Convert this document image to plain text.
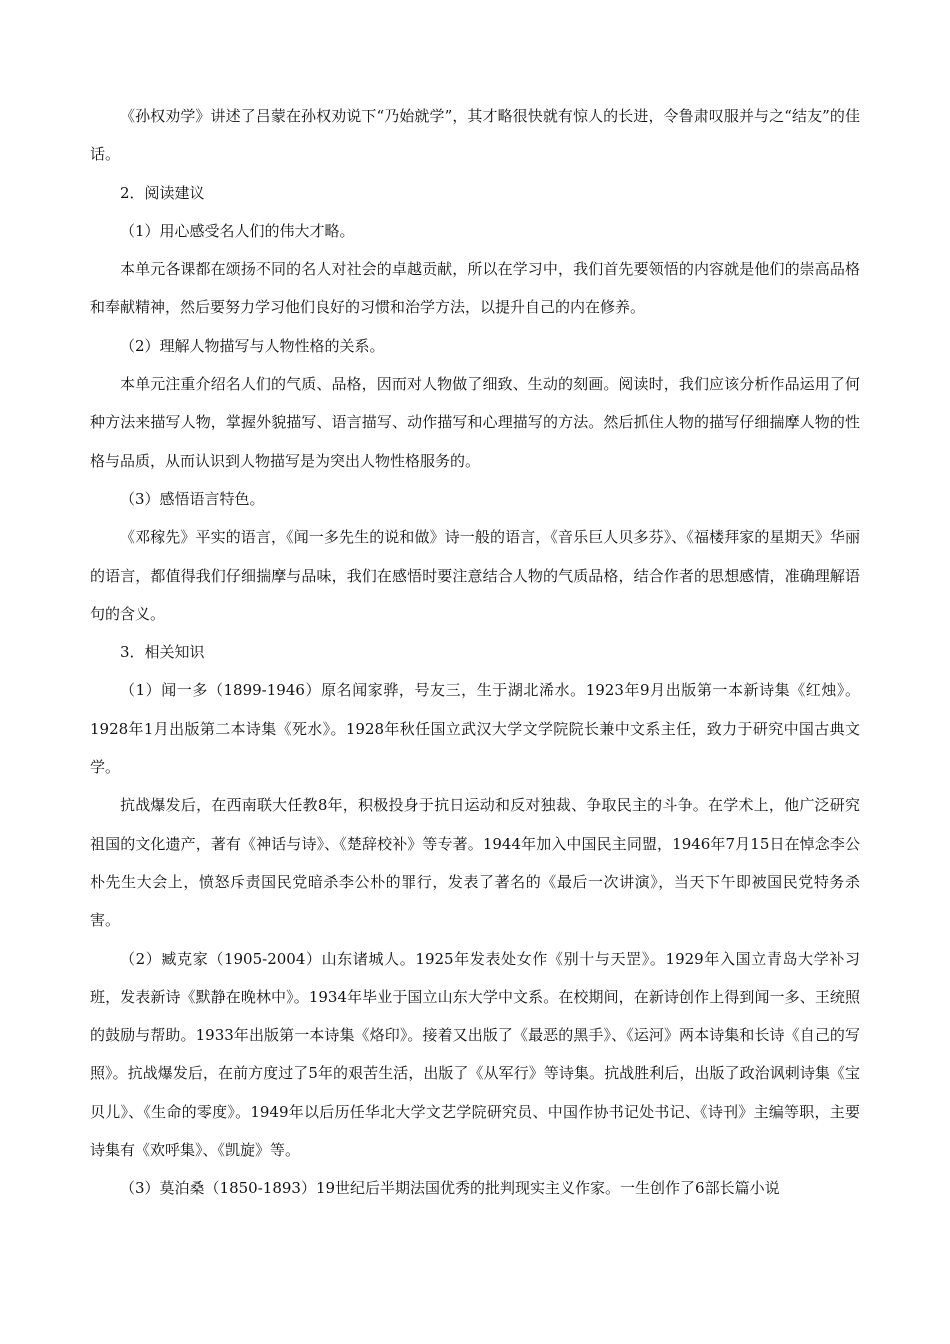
《孙权劝学》讲述了吕蒙在孙权劝说下“乃始就学”，其才略很快就有惊人的长进，令鲁肃叹服并与之“结友”的佳话。

2．阅读建议

（1）用心感受名人们的伟大才略。

本单元各课都在颂扬不同的名人对社会的卓越贡献，所以在学习中，我们首先要领悟的内容就是他们的崇高品格和奉献精神，然后要努力学习他们良好的习惯和治学方法，以提升自己的内在修养。

（2）理解人物描写与人物性格的关系。

本单元注重介绍名人们的气质、品格，因而对人物做了细致、生动的刻画。阅读时，我们应该分析作品运用了何种方法来描写人物，掌握外貌描写、语言描写、动作描写和心理描写的方法。然后抓住人物的描写仔细揣摩人物的性格与品质，从而认识到人物描写是为突出人物性格服务的。

（3）感悟语言特色。

《邓稼先》平实的语言，《闻一多先生的说和做》诗一般的语言，《音乐巨人贝多芬》、《福楼拜家的星期天》华丽的语言，都值得我们仔细揣摩与品味，我们在感悟时要注意结合人物的气质品格，结合作者的思想感情，准确理解语句的含义。

3．相关知识

（1）闻一多（1899-1946）原名闻家骅，号友三，生于湖北浠水。1923年9月出版第一本新诗集《红烛》。1928年1月出版第二本诗集《死水》。1928年秋任国立武汉大学文学院院长兼中文系主任，致力于研究中国古典文学。

抗战爆发后，在西南联大任教8年，积极投身于抗日运动和反对独裁、争取民主的斗争。在学术上，他广泛研究祖国的文化遗产，著有《神话与诗》、《楚辞校补》等专著。1944年加入中国民主同盟，1946年7月15日在悼念李公朴先生大会上，愤怒斥责国民党暗杀李公朴的罪行，发表了著名的《最后一次讲演》，当天下午即被国民党特务杀害。

（2）臧克家（1905-2004）山东诸城人。1925年发表处女作《别十与天罡》。1929年入国立青岛大学补习班，发表新诗《默静在晚林中》。1934年毕业于国立山东大学中文系。在校期间，在新诗创作上得到闻一多、王统照的鼓励与帮助。1933年出版第一本诗集《烙印》。接着又出版了《最恶的黑手》、《运河》两本诗集和长诗《自己的写照》。抗战爆发后，在前方度过了5年的艰苦生活，出版了《从军行》等诗集。抗战胜利后，出版了政治讽刺诗集《宝贝儿》、《生命的零度》。1949年以后历任华北大学文艺学院研究员、中国作协书记处书记、《诗刊》主编等职，主要诗集有《欢呼集》、《凯旋》等。

（3）莫泊桑（1850-1893）19世纪后半期法国优秀的批判现实主义作家。一生创作了6部长篇小说
